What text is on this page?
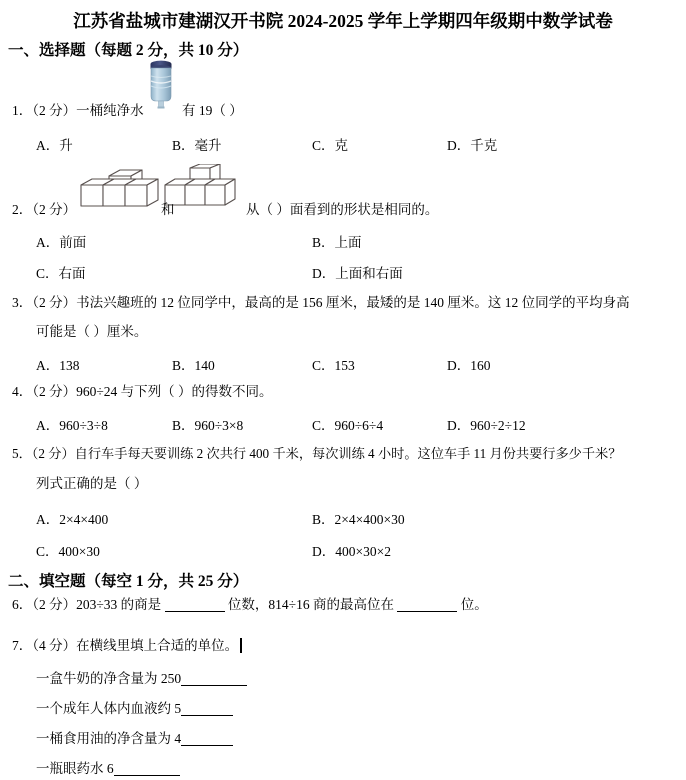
江苏省盐城市建湖汉开书院 2024-2025 学年上学期四年级期中数学试卷
一、选择题（每题 2 分，共 10 分）
1．（2 分）一桶纯净水	有 19（ ）
A．升	B．毫升	C．克	D．千克
2．（2 分）	和	从（ ）面看到的形状是相同的。
A．前面	B．上面
C．右面	D．上面和右面
3．（2 分）书法兴趣班的 12 位同学中，最高的是 156 厘米，最矮的是 140 厘米。这 12 位同学的平均身高
可能是（ ）厘米。
A．138	B．140	C．153	D．160
4．（2 分）960÷24 与下列（ ）的得数不同。
A．960÷3÷8	B．960÷3×8	C．960÷6÷4	D．960÷2÷12
5．（2 分）自行车手每天要训练 2 次共行 400 千米，每次训练 4 小时。这位车手 11 月份共要行多少千米？
列式正确的是（ ）
A．2×4×400	B．2×4×400×30
C．400×30	D．400×30×2
二、填空题（每空 1 分，共 25 分）
6．（2 分）203÷33 的商是	位数，814÷16 商的最高位在	位。
7．（4 分）在横线里填上合适的单位。
一盒牛奶的净含量为 250
一个成年人体内血液约 5
一桶食用油的净含量为 4
一瓶眼药水 6
